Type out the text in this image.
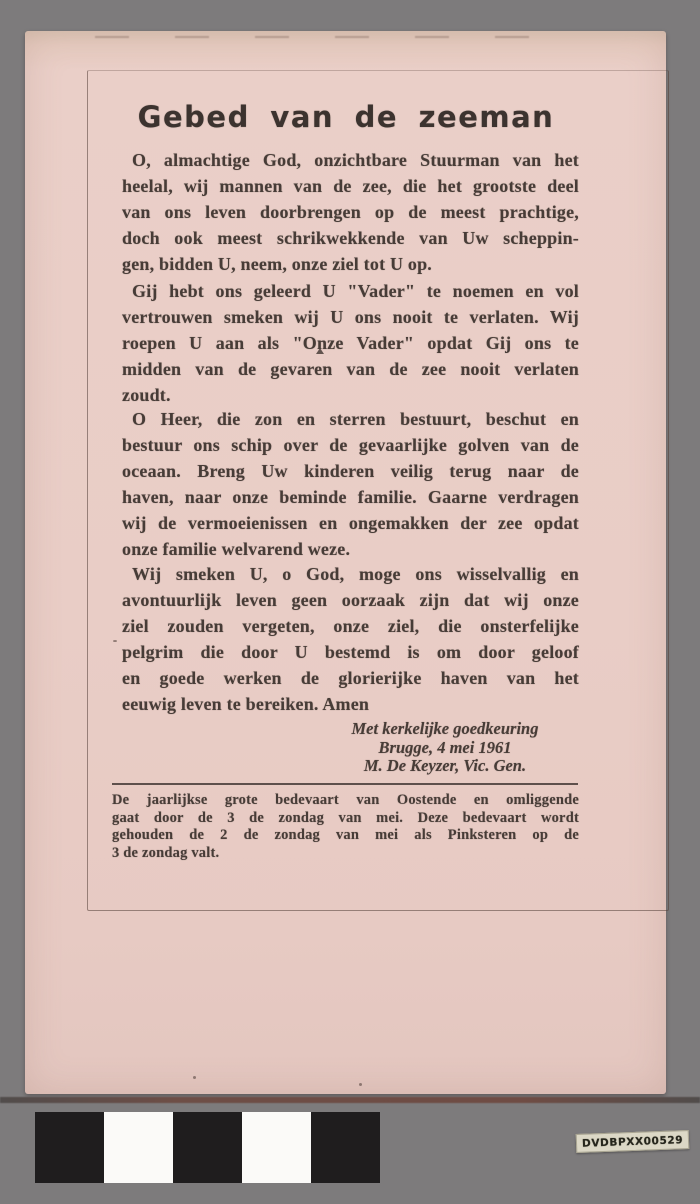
Gebed van de zeeman
O, almachtige God, onzichtbare Stuurman van het
heelal, wij mannen van de zee, die het grootste deel
van ons leven doorbrengen op de meest prachtige,
doch ook meest schrikwekkende van Uw scheppin-
gen, bidden U, neem, onze ziel tot U op.
Gij hebt ons geleerd U "Vader" te noemen en vol
vertrouwen smeken wij U ons nooit te verlaten. Wij
roepen U aan als "Onze Vader" opdat Gij ons te
midden van de gevaren van de zee nooit verlaten
zoudt.
O Heer, die zon en sterren bestuurt, beschut en
bestuur ons schip over de gevaarlijke golven van de
oceaan. Breng Uw kinderen veilig terug naar de
haven, naar onze beminde familie. Gaarne verdragen
wij de vermoeienissen en ongemakken der zee opdat
onze familie welvarend weze.
Wij smeken U, o God, moge ons wisselvallig en
avontuurlijk leven geen oorzaak zijn dat wij onze
ziel zouden vergeten, onze ziel, die onsterfelijke
pelgrim die door U bestemd is om door geloof
en goede werken de glorierijke haven van het
eeuwig leven te bereiken. Amen
Met kerkelijke goedkeuring
Brugge, 4 mei 1961
M. De Keyzer, Vic. Gen.
De jaarlijkse grote bedevaart van Oostende en omliggende
gaat door de 3 de zondag van mei. Deze bedevaart wordt
gehouden de 2 de zondag van mei als Pinksteren op de
3 de zondag valt.
DVDBPXX00529
